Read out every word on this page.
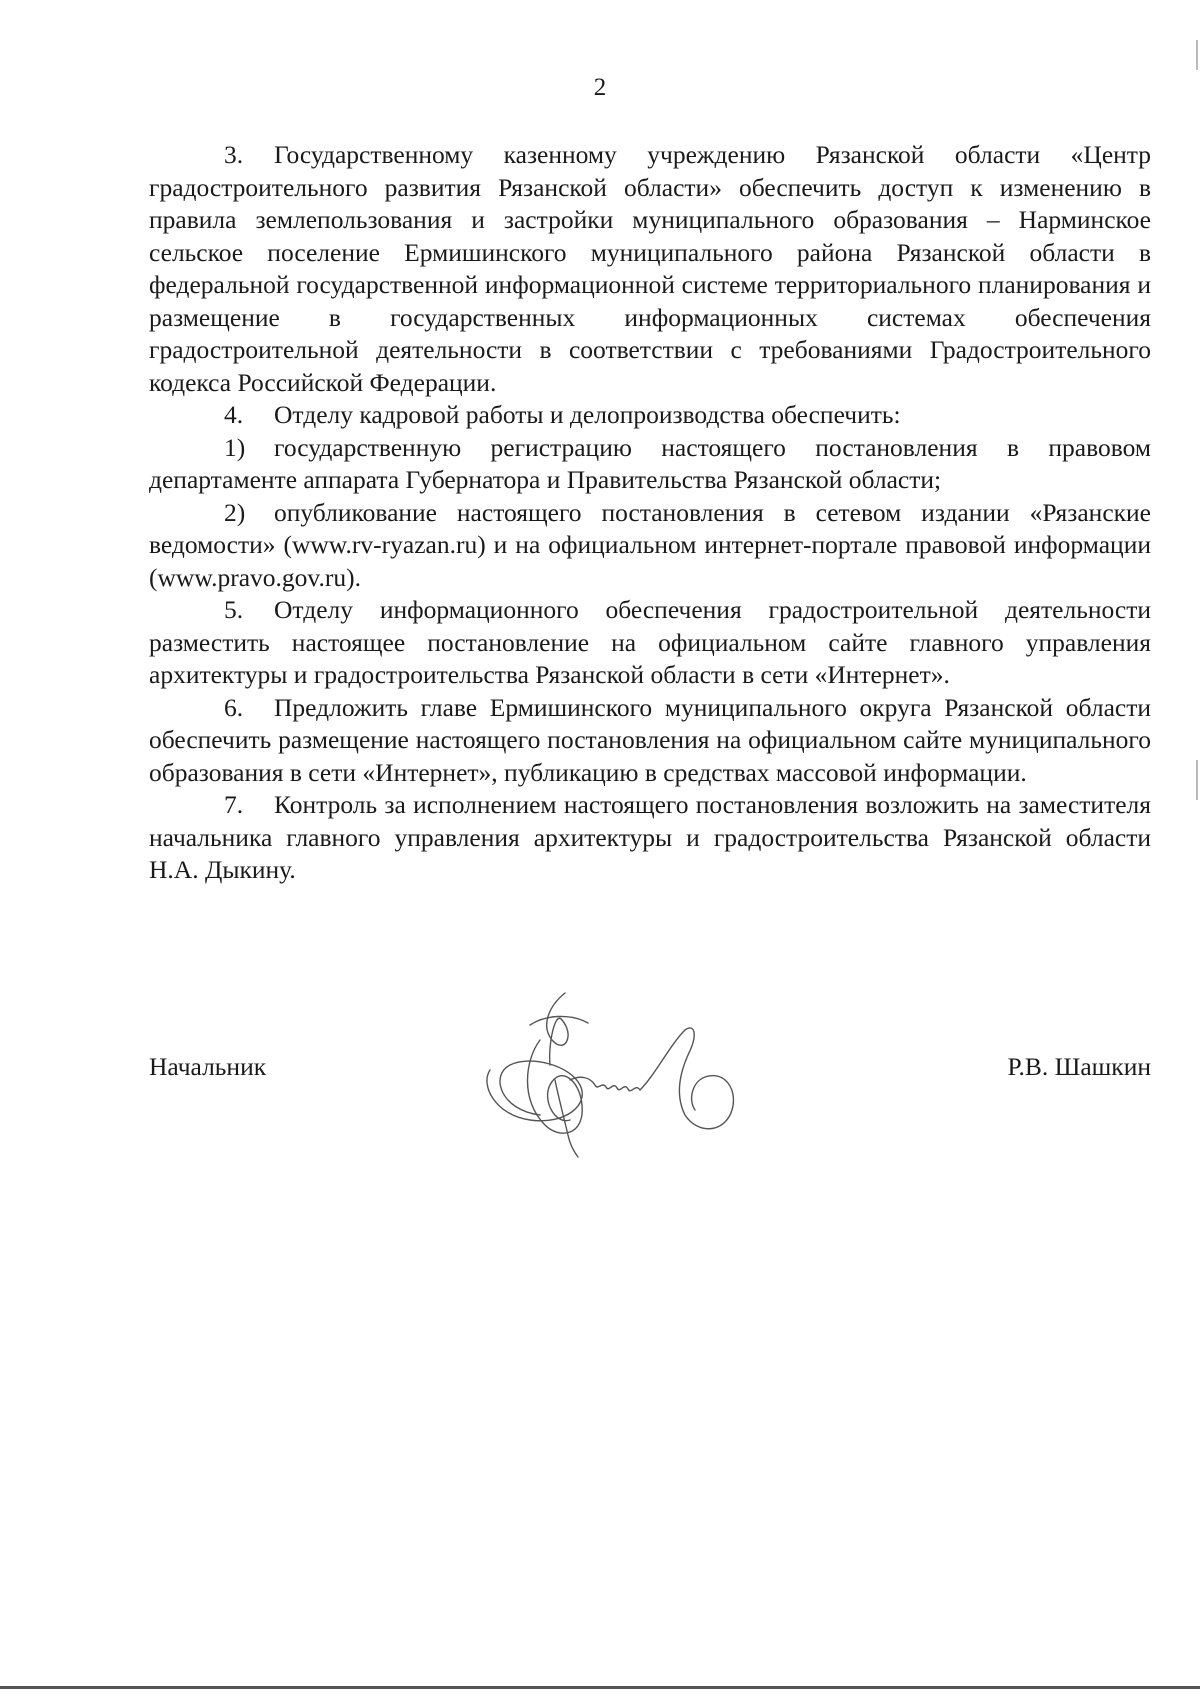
2

3. Государственному казенному учреждению Рязанской области «Центр градостроительного развития Рязанской области» обеспечить доступ к изменению в правила землепользования и застройки муниципального образования – Нарминское сельское поселение Ермишинского муниципального района Рязанской области в федеральной государственной информационной системе территориального планирования и размещение в государственных информационных системах обеспечения градостроительной деятельности в соответствии с требованиями Градостроительного кодекса Российской Федерации.

4. Отделу кадровой работы и делопроизводства обеспечить:

1) государственную регистрацию настоящего постановления в правовом департаменте аппарата Губернатора и Правительства Рязанской области;

2) опубликование настоящего постановления в сетевом издании «Рязанские ведомости» (www.rv-ryazan.ru) и на официальном интернет-портале правовой информации (www.pravo.gov.ru).

5. Отделу информационного обеспечения градостроительной деятельности разместить настоящее постановление на официальном сайте главного управления архитектуры и градостроительства Рязанской области в сети «Интернет».

6. Предложить главе Ермишинского муниципального округа Рязанской области обеспечить размещение настоящего постановления на официальном сайте муниципального образования в сети «Интернет», публикацию в средствах массовой информации.

7. Контроль за исполнением настоящего постановления возложить на заместителя начальника главного управления архитектуры и градостроительства Рязанской области Н.А. Дыкину.

Начальник	Р.В. Шашкин
